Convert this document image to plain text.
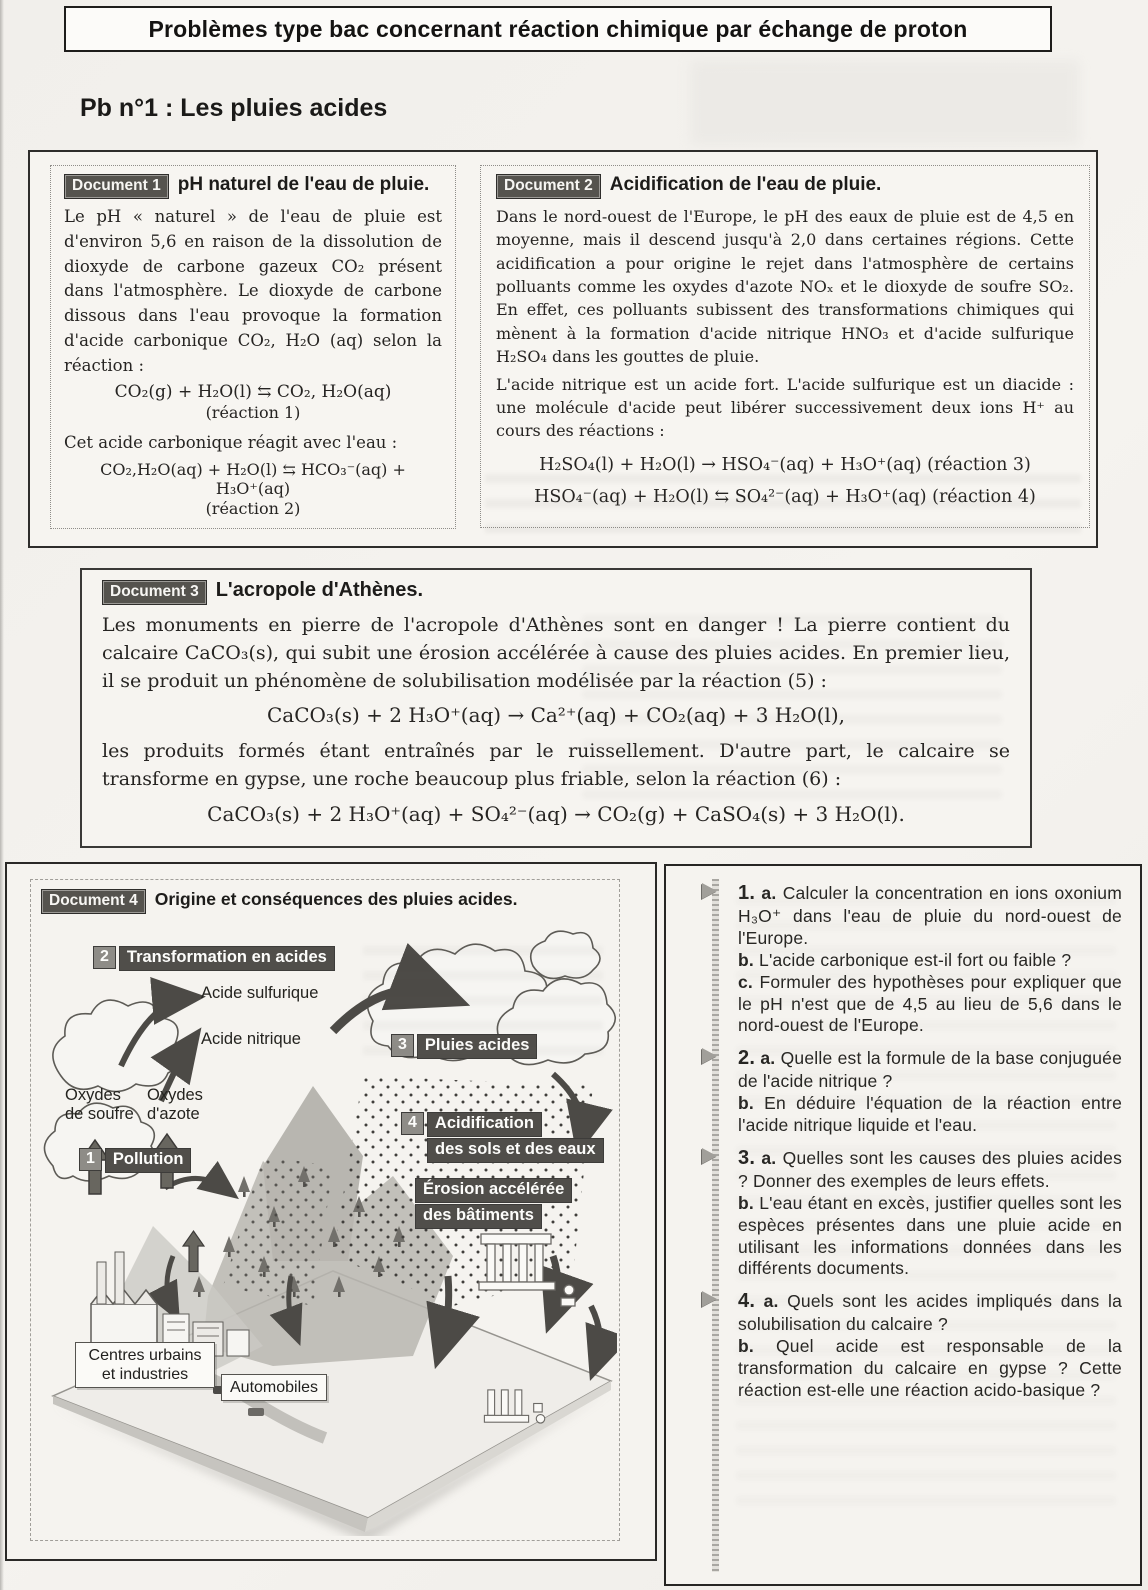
Problèmes type bac concernant réaction chimique par échange de proton
Pb n°1 : Les pluies acides
Document 1 pH naturel de l'eau de pluie.

Le pH « naturel » de l'eau de pluie est d'environ 5,6 en raison de la dissolution de dioxyde de carbone gazeux CO₂ présent dans l'atmosphère. Le dioxyde de carbone dissous dans l'eau provoque la formation d'acide carbonique CO₂, H₂O (aq) selon la réaction :

CO₂(g) + H₂O(l) ⇆ CO₂, H₂O(aq)

(réaction 1)

Cet acide carbonique réagit avec l'eau :

CO₂,H₂O(aq) + H₂O(l) ⇆ HCO₃⁻(aq) + H₃O⁺(aq)

(réaction 2)

Document 2 Acidification de l'eau de pluie.

Dans le nord-ouest de l'Europe, le pH des eaux de pluie est de 4,5 en moyenne, mais il descend jusqu'à 2,0 dans certaines régions. Cette acidification a pour origine le rejet dans l'atmosphère de certains polluants comme les oxydes d'azote NOₓ et le dioxyde de soufre SO₂. En effet, ces polluants subissent des transformations chimiques qui mènent à la formation d'acide nitrique HNO₃ et d'acide sulfurique H₂SO₄ dans les gouttes de pluie.

L'acide nitrique est un acide fort. L'acide sulfurique est un diacide : une molécule d'acide peut libérer successivement deux ions H⁺ au cours des réactions :

H₂SO₄(l) + H₂O(l) → HSO₄⁻(aq) + H₃O⁺(aq) (réaction 3)

HSO₄⁻(aq) + H₂O(l) ⇆ SO₄²⁻(aq) + H₃O⁺(aq) (réaction 4)

Document 3 L'acropole d'Athènes.

Les monuments en pierre de l'acropole d'Athènes sont en danger ! La pierre contient du calcaire CaCO₃(s), qui subit une érosion accélérée à cause des pluies acides. En premier lieu, il se produit un phénomène de solubilisation modélisée par la réaction (5) :

CaCO₃(s) + 2 H₃O⁺(aq) → Ca²⁺(aq) + CO₂(aq) + 3 H₂O(l),

les produits formés étant entraînés par le ruissellement. D'autre part, le calcaire se transforme en gypse, une roche beaucoup plus friable, selon la réaction (6) :

CaCO₃(s) + 2 H₃O⁺(aq) + SO₄²⁻(aq) → CO₂(g) + CaSO₄(s) + 3 H₂O(l).

Document 4 Origine et conséquences des pluies acides.
2	Transformation en acides
Acide sulfurique
Acide nitrique	3	Pluies acides
4	Acidification
des sols et des eaux
Érosion accélérée
des bâtiments
1	Pollution
Oxydes de soufre
Oxydes d'azote
Centres urbains et industries
Automobiles

1. a. Calculer la concentration en ions oxonium H₃O⁺ dans l'eau de pluie du nord-ouest de l'Europe.

b. L'acide carbonique est-il fort ou faible ?

c. Formuler des hypothèses pour expliquer que le pH n'est que de 4,5 au lieu de 5,6 dans le nord-ouest de l'Europe.

2. a. Quelle est la formule de la base conjuguée de l'acide nitrique ?

b. En déduire l'équation de la réaction entre l'acide nitrique liquide et l'eau.

3. a. Quelles sont les causes des pluies acides ? Donner des exemples de leurs effets.

b. L'eau étant en excès, justifier quelles sont les espèces présentes dans une pluie acide en utilisant les informations données dans les différents documents.

4. a. Quels sont les acides impliqués dans la solubilisation du calcaire ?

b. Quel acide est responsable de la transformation du calcaire en gypse ? Cette réaction est-elle une réaction acido-basique ?
